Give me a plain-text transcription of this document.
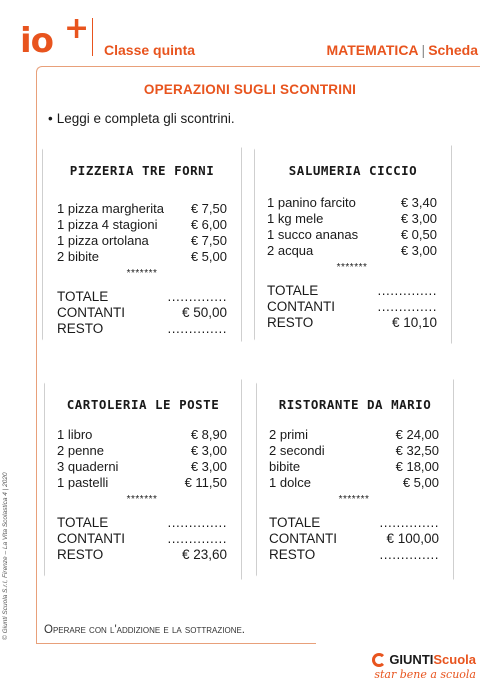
io +
Classe quinta	MATEMATICA | Scheda
OPERAZIONI SUGLI SCONTRINI
• Leggi e completa gli scontrini.
PIZZERIA TRE FORNI
1 pizza margherita € 7,50
1 pizza 4 stagioni	€ 6,00
1 pizza ortolana	€ 7,50
2 bibite	€ 5,00
*******
TOTALE	..............
CONTANTI	€ 50,00
RESTO	..............
SALUMERIA CICCIO
1 panino farcito	€ 3,40
1 kg mele	€ 3,00
1 succo ananas	€ 0,50
2 acqua	€ 3,00
*******
TOTALE	..............
CONTANTI	..............
RESTO	€ 10,10
CARTOLERIA LE POSTE
1 libro	€ 8,90
2 penne	€ 3,00
3 quaderni	€ 3,00
1 pastelli	€ 11,50
*******
TOTALE	..............
CONTANTI	..............
RESTO	€ 23,60
RISTORANTE DA MARIO
2 primi	€ 24,00
2 secondi	€ 32,50
bibite	€ 18,00
1 dolce	€ 5,00
*******
TOTALE	..............
CONTANTI	€ 100,00
RESTO	..............
Operare con l'addizione e la sottrazione.
© Giunti Scuola S.r.l, Firenze – La Vita Scolastica 4 | 2020
GIUNTI Scuola
star bene a scuola
